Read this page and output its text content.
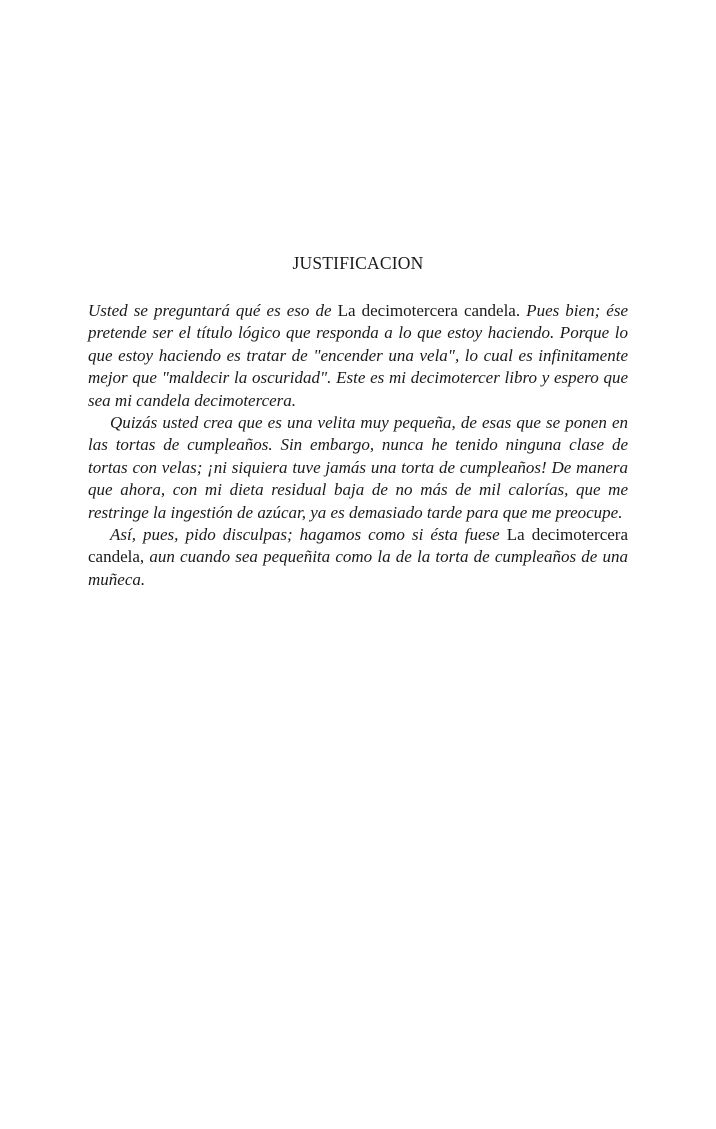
JUSTIFICACION

Usted se preguntará qué es eso de La decimotercera candela. Pues bien; ése pretende ser el título lógico que responda a lo que estoy haciendo. Porque lo que estoy haciendo es tratar de "encender una vela", lo cual es infinitamente mejor que "maldecir la oscuridad". Este es mi decimotercer libro y espero que sea mi candela decimotercera.

Quizás usted crea que es una velita muy pequeña, de esas que se ponen en las tortas de cumpleaños. Sin embargo, nunca he tenido ninguna clase de tortas con velas; ¡ni siquiera tuve jamás una torta de cumpleaños! De manera que ahora, con mi dieta residual baja de no más de mil calorías, que me restringe la ingestión de azúcar, ya es demasiado tarde para que me preocupe.

Así, pues, pido disculpas; hagamos como si ésta fuese La decimotercera candela, aun cuando sea pequeñita como la de la torta de cumpleaños de una muñeca.
